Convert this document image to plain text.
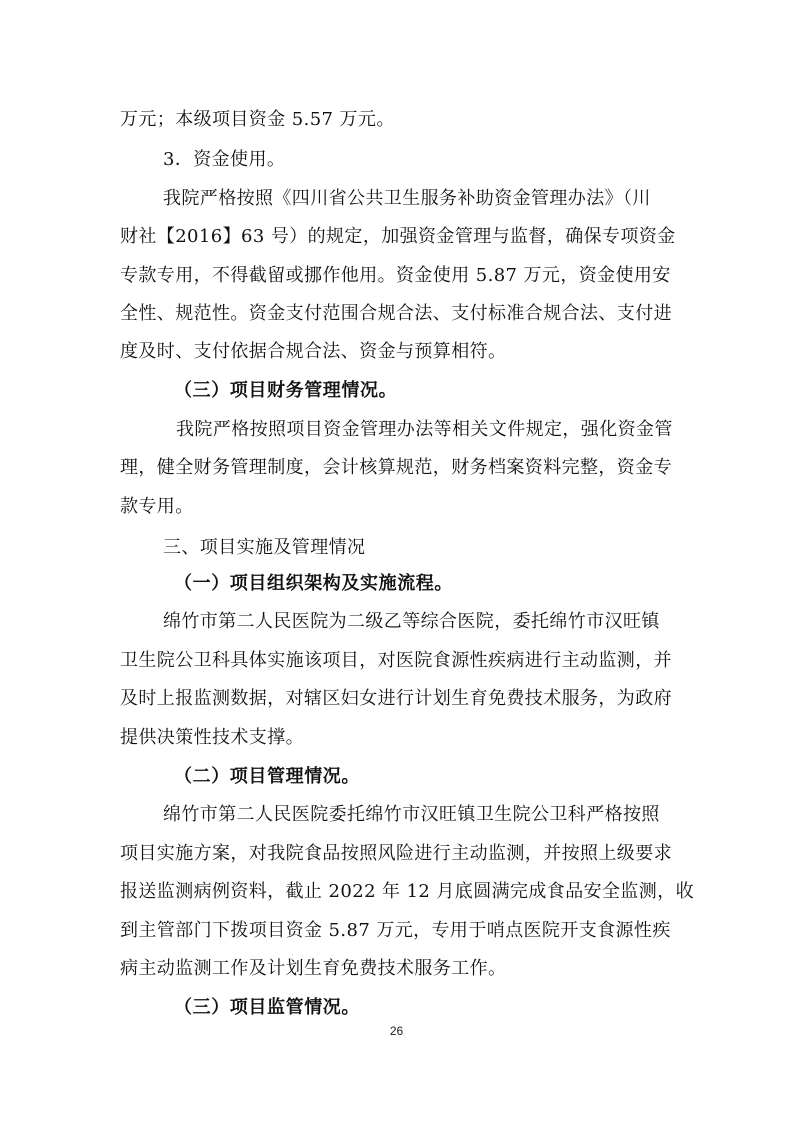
万元；本级项目资金 5.57 万元。
3．资金使用。
我院严格按照《四川省公共卫生服务补助资金管理办法》（川
财社【2016】63 号）的规定，加强资金管理与监督，确保专项资金
专款专用，不得截留或挪作他用。资金使用 5.87 万元，资金使用安
全性、规范性。资金支付范围合规合法、支付标准合规合法、支付进
度及时、支付依据合规合法、资金与预算相符。
（三）项目财务管理情况。
我院严格按照项目资金管理办法等相关文件规定，强化资金管
理，健全财务管理制度，会计核算规范，财务档案资料完整，资金专
款专用。
三、项目实施及管理情况
（一）项目组织架构及实施流程。
绵竹市第二人民医院为二级乙等综合医院，委托绵竹市汉旺镇
卫生院公卫科具体实施该项目，对医院食源性疾病进行主动监测，并
及时上报监测数据，对辖区妇女进行计划生育免费技术服务，为政府
提供决策性技术支撑。
（二）项目管理情况。
绵竹市第二人民医院委托绵竹市汉旺镇卫生院公卫科严格按照
项目实施方案，对我院食品按照风险进行主动监测，并按照上级要求
报送监测病例资料，截止 2022 年 12 月底圆满完成食品安全监测，收
到主管部门下拨项目资金 5.87 万元，专用于哨点医院开支食源性疾
病主动监测工作及计划生育免费技术服务工作。
（三）项目监管情况。
26
